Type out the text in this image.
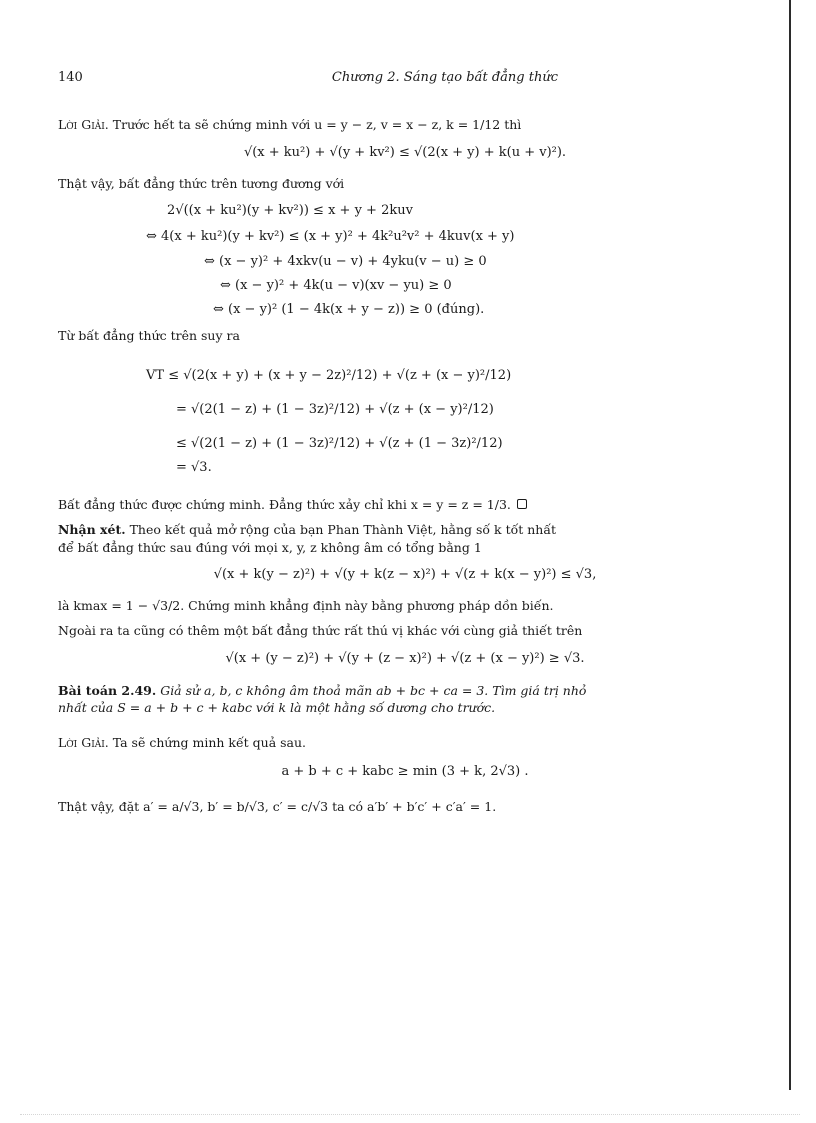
140	Chương 2. Sáng tạo bất đẳng thức
Lời Giải. Trước hết ta sẽ chứng minh với u = y − z, v = x − z, k = 1/12 thì
√(x + ku²) + √(y + kv²) ≤ √(2(x + y) + k(u + v)²).
Thật vậy, bất đẳng thức trên tương đương với
2√((x + ku²)(y + kv²)) ≤ x + y + 2kuv
⇔ 4(x + ku²)(y + kv²) ≤ (x + y)² + 4k²u²v² + 4kuv(x + y)
⇔ (x − y)² + 4xkv(u − v) + 4yku(v − u) ≥ 0
⇔ (x − y)² + 4k(u − v)(xv − yu) ≥ 0
⇔ (x − y)² (1 − 4k(x + y − z)) ≥ 0 (đúng).
Từ bất đẳng thức trên suy ra
VT ≤ √(2(x + y) + (x + y − 2z)²/12) + √(z + (x − y)²/12)
= √(2(1 − z) + (1 − 3z)²/12) + √(z + (x − y)²/12)
≤ √(2(1 − z) + (1 − 3z)²/12) + √(z + (1 − 3z)²/12)
= √3.
Bất đẳng thức được chứng minh. Đẳng thức xảy chỉ khi x = y = z = 1/3.
Nhận xét. Theo kết quả mở rộng của bạn Phan Thành Việt, hằng số k tốt nhất
để bất đẳng thức sau đúng với mọi x, y, z không âm có tổng bằng 1
√(x + k(y − z)²) + √(y + k(z − x)²) + √(z + k(x − y)²) ≤ √3,
là kmax = 1 − √3/2. Chứng minh khẳng định này bằng phương pháp dồn biến.
Ngoài ra ta cũng có thêm một bất đẳng thức rất thú vị khác với cùng giả thiết trên
√(x + (y − z)²) + √(y + (z − x)²) + √(z + (x − y)²) ≥ √3.
Bài toán 2.49. Giả sử a, b, c không âm thoả mãn ab + bc + ca = 3. Tìm giá trị nhỏ
nhất của S = a + b + c + kabc với k là một hằng số dương cho trước.
Lời Giải. Ta sẽ chứng minh kết quả sau.
a + b + c + kabc ≥ min (3 + k, 2√3) .
Thật vậy, đặt a′ = a/√3, b′ = b/√3, c′ = c/√3 ta có a′b′ + b′c′ + c′a′ = 1.
